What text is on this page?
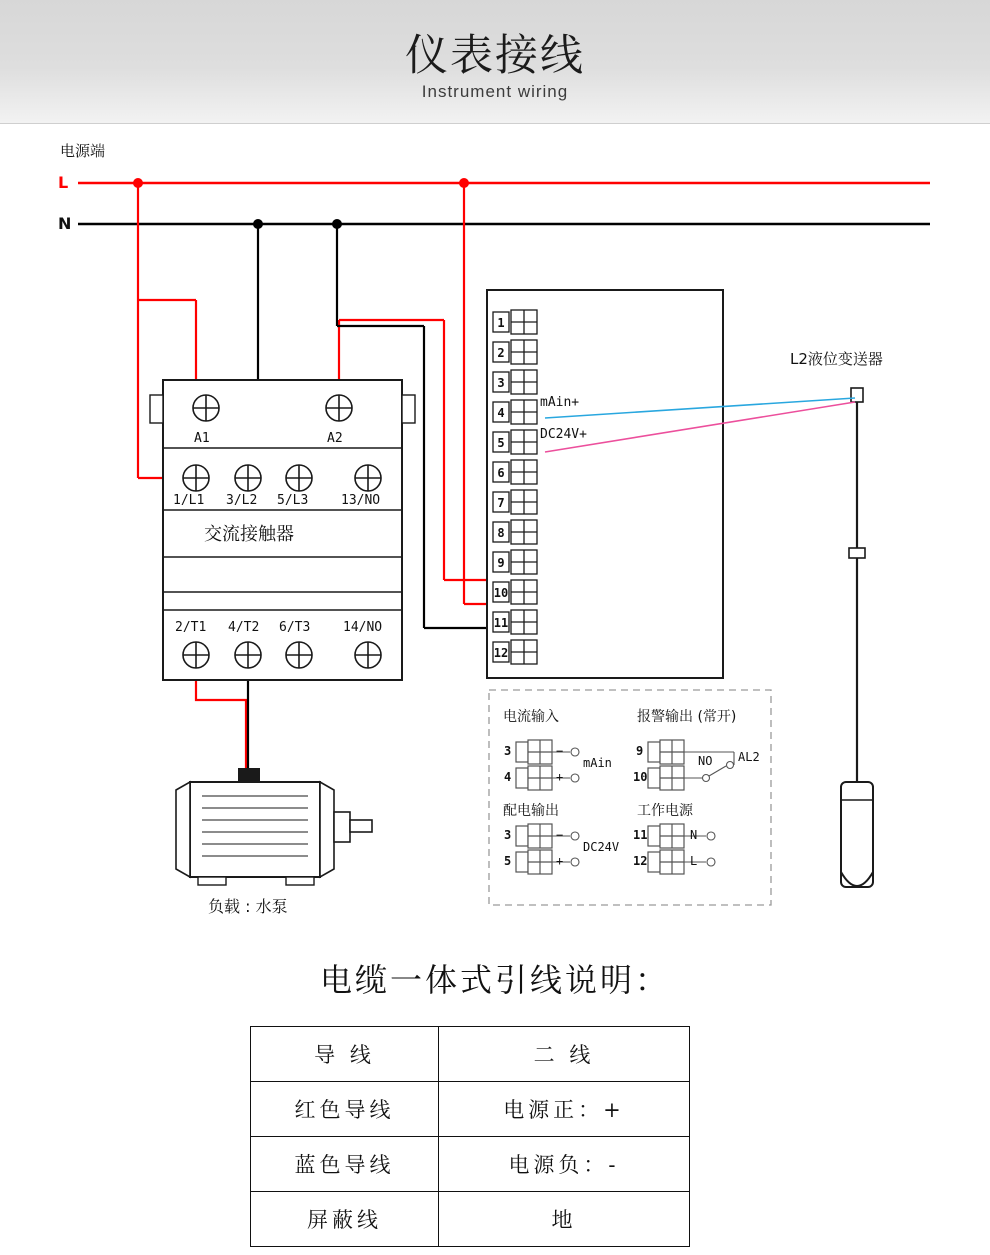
仪表接线
Instrument wiring
1
2
3
4
5
6
7
8
9
10
11
12
电源端
L
N
A1	A2
1/L1 3/L2 5/L3	13/NO
交流接触器
2/T1 4/T2 6/T3	14/NO
负载 : 水泵
L2液位变送器
mAin+
DC24V+
电流输入	报警输出 (常开)
配电输出	工作电源
3
4
−
+
mAin
9
10
NO AL2
3
5
−
+
DC24V
11
12
N
L
电缆一体式引线说明：
导 线	二 线
红色导线	电源正：+
蓝色导线	电源负：-
屏蔽线	地
